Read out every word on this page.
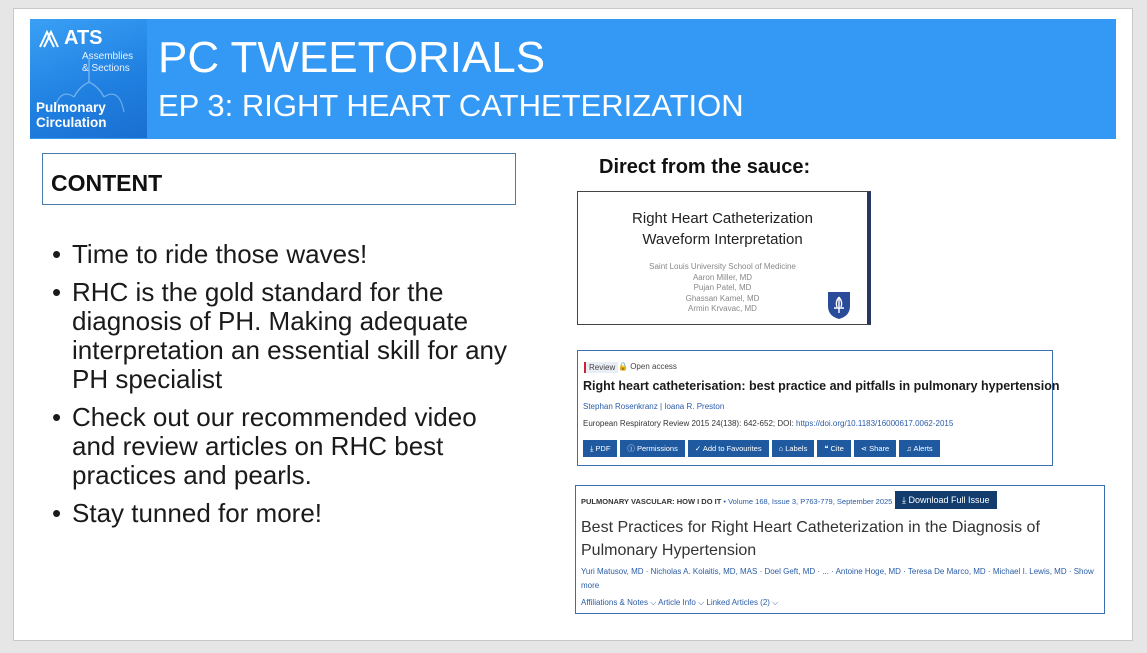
ATS
Assemblies
& Sections
Pulmonary
Circulation
PC TWEETORIALS
EP 3: RIGHT HEART CATHETERIZATION
CONTENT
• Time to ride those waves!
• RHC is the gold standard for the diagnosis of PH. Making adequate interpretation an essential skill for any PH specialist
• Check out our recommended video and review articles on RHC best practices and pearls.
• Stay tunned for more!
Direct from the sauce:
Right Heart Catheterization
Waveform Interpretation
Saint Louis University School of Medicine
Aaron Miller, MD
Pujan Patel, MD
Ghassan Kamel, MD
Armin Krvavac, MD
Review 🔒 Open access
Right heart catheterisation: best practice and pitfalls in pulmonary hypertension
Stephan Rosenkranz | Ioana R. Preston
European Respiratory Review 2015 24(138): 642-652; DOI: https://doi.org/10.1183/16000617.0062-2015
⤓ PDF	ⓘ Permissions	✓ Add to Favourites	⌂ Labels	❝ Cite	⋖ Share	♫ Alerts
PULMONARY VASCULAR: HOW I DO IT • Volume 168, Issue 3, P763-779, September 2025	⤓ Download Full Issue
Best Practices for Right Heart Catheterization in the Diagnosis of Pulmonary Hypertension
Yuri Matusov, MD · Nicholas A. Kolaitis, MD, MAS · Doel Geft, MD · ... · Antoine Hoge, MD · Teresa De Marco, MD · Michael I. Lewis, MD · Show more
Affiliations & Notes ⌵ Article Info ⌵ Linked Articles (2) ⌵
